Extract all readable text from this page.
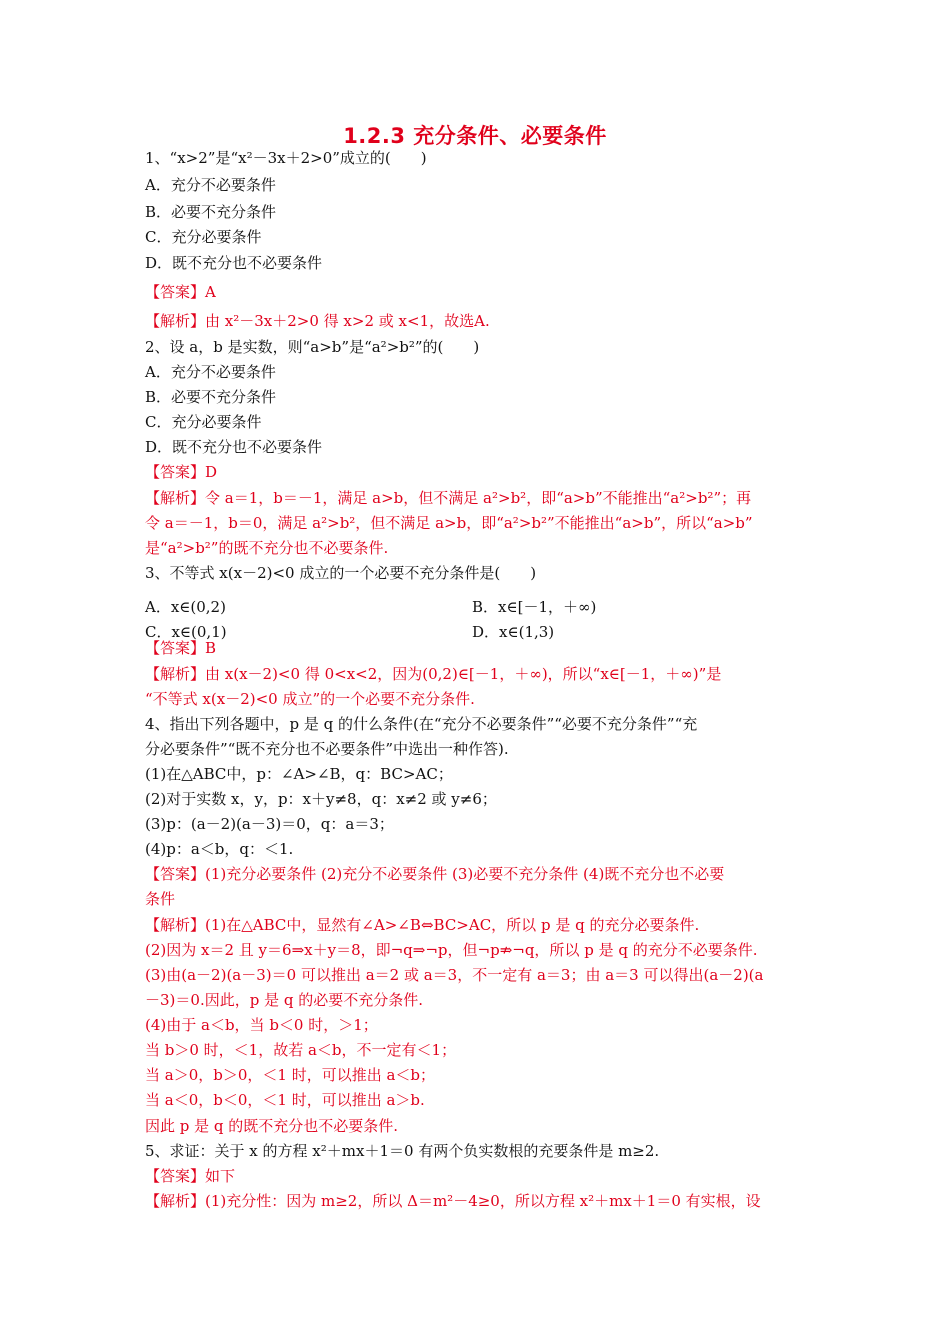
1.2.3 充分条件、必要条件
1、“x>2”是“x²－3x＋2>0”成立的(　　)
A．充分不必要条件
B．必要不充分条件
C．充分必要条件
D．既不充分也不必要条件
【答案】A
【解析】由 x²－3x＋2>0 得 x>2 或 x<1，故选A.
2、设 a，b 是实数，则“a>b”是“a²>b²”的(　　)
A．充分不必要条件
B．必要不充分条件
C．充分必要条件
D．既不充分也不必要条件
【答案】D
【解析】令 a＝1，b＝－1，满足 a>b，但不满足 a²>b²，即“a>b”不能推出“a²>b²”；再
令 a＝－1，b＝0，满足 a²>b²，但不满足 a>b，即“a²>b²”不能推出“a>b”，所以“a>b”
是“a²>b²”的既不充分也不必要条件.
3、不等式 x(x－2)<0 成立的一个必要不充分条件是(　　)
【答案】B
【解析】由 x(x－2)<0 得 0<x<2，因为(0,2)∈[－1，＋∞)，所以“x∈[－1，＋∞)”是
“不等式 x(x－2)<0 成立”的一个必要不充分条件.
4、指出下列各题中，p 是 q 的什么条件(在“充分不必要条件”“必要不充分条件”“充
分必要条件”“既不充分也不必要条件”中选出一种作答).
(1)在△ABC中，p：∠A>∠B，q：BC>AC；
(2)对于实数 x，y，p：x＋y≠8，q：x≠2 或 y≠6；
(3)p：(a－2)(a－3)＝0，q：a＝3；
(4)p：a＜b，q：＜1.
【答案】(1)充分必要条件 (2)充分不必要条件 (3)必要不充分条件 (4)既不充分也不必要
条件
【解析】(1)在△ABC中，显然有∠A>∠B⇔BC>AC，所以 p 是 q 的充分必要条件.
(2)因为 x＝2 且 y＝6⇒x＋y＝8，即¬q⇒¬p，但¬p⇏¬q，所以 p 是 q 的充分不必要条件.
(3)由(a－2)(a－3)＝0 可以推出 a＝2 或 a＝3，不一定有 a＝3；由 a＝3 可以得出(a－2)(a
－3)＝0.因此，p 是 q 的必要不充分条件.
(4)由于 a＜b，当 b＜0 时，＞1；
当 b＞0 时，＜1，故若 a＜b，不一定有＜1；
当 a＞0，b＞0，＜1 时，可以推出 a＜b；
当 a＜0，b＜0，＜1 时，可以推出 a＞b.
因此 p 是 q 的既不充分也不必要条件.
5、求证：关于 x 的方程 x²＋mx＋1＝0 有两个负实数根的充要条件是 m≥2.
【答案】如下
【解析】(1)充分性：因为 m≥2，所以 Δ＝m²－4≥0，所以方程 x²＋mx＋1＝0 有实根，设
A．x∈(0,2)	B．x∈[－1，＋∞)
C．x∈(0,1)	D．x∈(1,3)
